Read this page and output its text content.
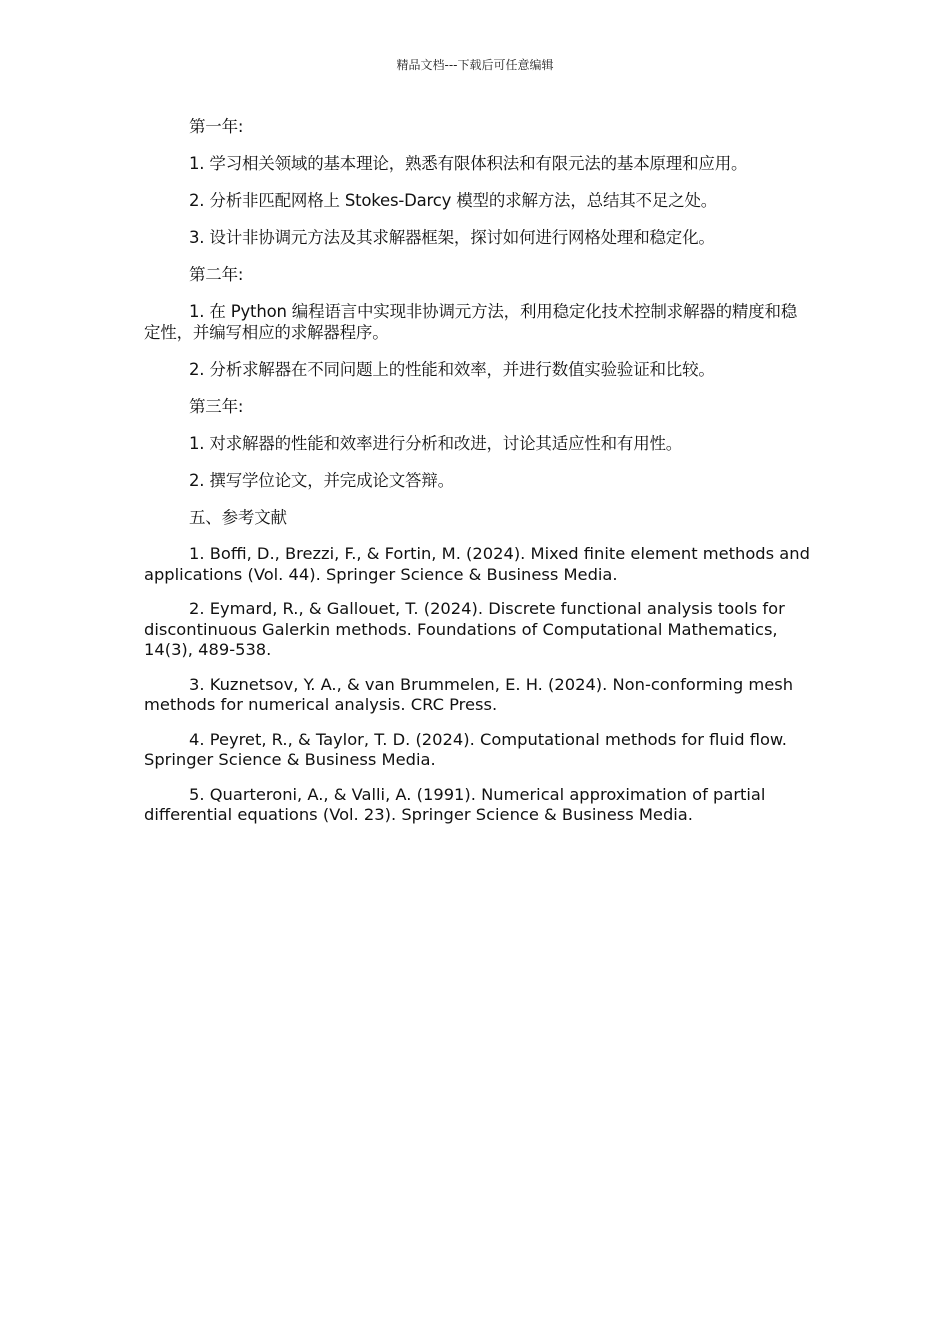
精品文档---下载后可任意编辑

第一年:

1. 学习相关领域的基本理论，熟悉有限体积法和有限元法的基本原理和应用。

2. 分析非匹配网格上 Stokes-Darcy 模型的求解方法，总结其不足之处。

3. 设计非协调元方法及其求解器框架，探讨如何进行网格处理和稳定化。

第二年:

1. 在 Python 编程语言中实现非协调元方法，利用稳定化技术控制求解器的精度和稳定性，并编写相应的求解器程序。

2. 分析求解器在不同问题上的性能和效率，并进行数值实验验证和比较。

第三年:

1. 对求解器的性能和效率进行分析和改进，讨论其适应性和有用性。

2. 撰写学位论文，并完成论文答辩。

五、参考文献

1. Boffi, D., Brezzi, F., & Fortin, M. (2024). Mixed finite element methods and applications (Vol. 44). Springer Science & Business Media.

2. Eymard, R., & Gallouet, T. (2024). Discrete functional analysis tools for discontinuous Galerkin methods. Foundations of Computational Mathematics, 14(3), 489-538.

3. Kuznetsov, Y. A., & van Brummelen, E. H. (2024). Non-conforming mesh methods for numerical analysis. CRC Press.

4. Peyret, R., & Taylor, T. D. (2024). Computational methods for fluid flow. Springer Science & Business Media.

5. Quarteroni, A., & Valli, A. (1991). Numerical approximation of partial differential equations (Vol. 23). Springer Science & Business Media.
